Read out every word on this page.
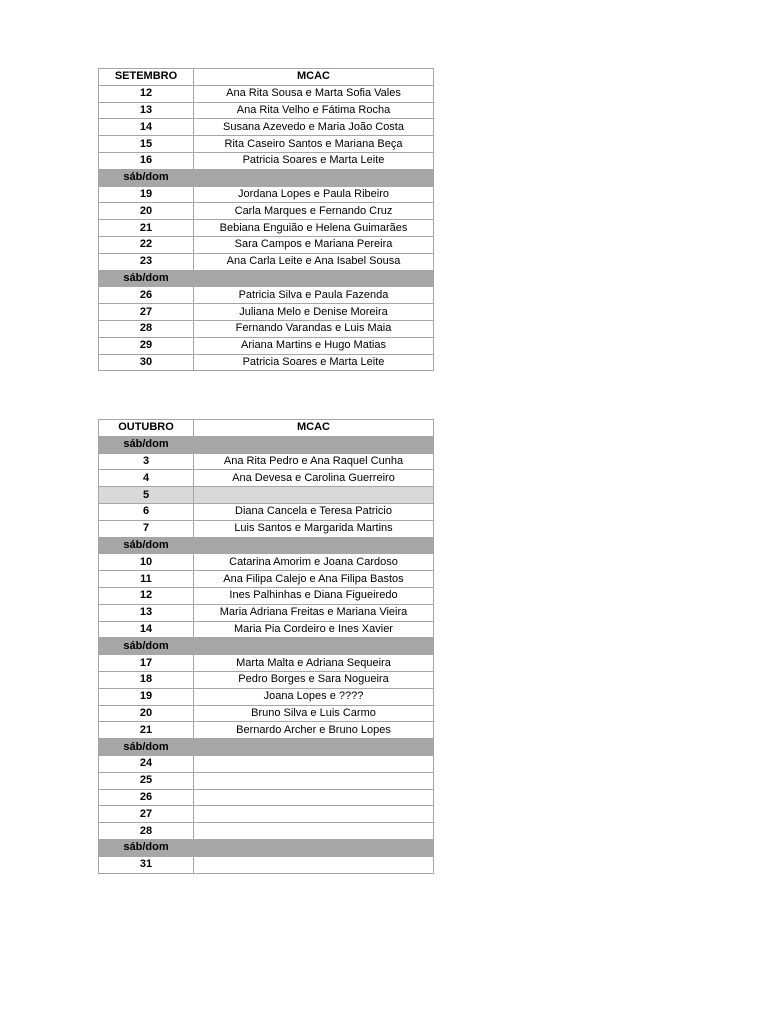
SETEMBRO	MCAC
12	Ana Rita Sousa e Marta Sofia Vales
13	Ana Rita Velho e Fátima Rocha
14	Susana Azevedo e Maria João Costa
15	Rita Caseiro Santos e Mariana Beça
16	Patricia Soares e Marta Leite
sáb/dom	
19	Jordana Lopes e Paula Ribeiro
20	Carla Marques e Fernando Cruz
21	Bebiana Enguião e Helena Guimarães
22	Sara Campos e Mariana Pereira
23	Ana Carla Leite e Ana Isabel Sousa
sáb/dom	
26	Patricia Silva e Paula Fazenda
27	Juliana Melo e Denise Moreira
28	Fernando Varandas e Luis Maia
29	Ariana Martins e Hugo Matias
30	Patricia Soares e Marta Leite
OUTUBRO	MCAC
sáb/dom	
3	Ana Rita Pedro e Ana Raquel Cunha
4	Ana Devesa e Carolina Guerreiro
5	
6	Diana Cancela e Teresa Patricio
7	Luis Santos e Margarida Martins
sáb/dom	
10	Catarina Amorim e Joana Cardoso
11	Ana Filipa Calejo e Ana Filipa Bastos
12	Ines Palhinhas e Diana Figueiredo
13	Maria Adriana Freitas e Mariana Vieira
14	Maria Pia Cordeiro e Ines Xavier
sáb/dom	
17	Marta Malta e Adriana Sequeira
18	Pedro Borges e Sara Nogueira
19	Joana Lopes e ????
20	Bruno Silva e Luis Carmo
21	Bernardo Archer e Bruno Lopes
sáb/dom	
24	
25	
26	
27	
28	
sáb/dom	
31	
